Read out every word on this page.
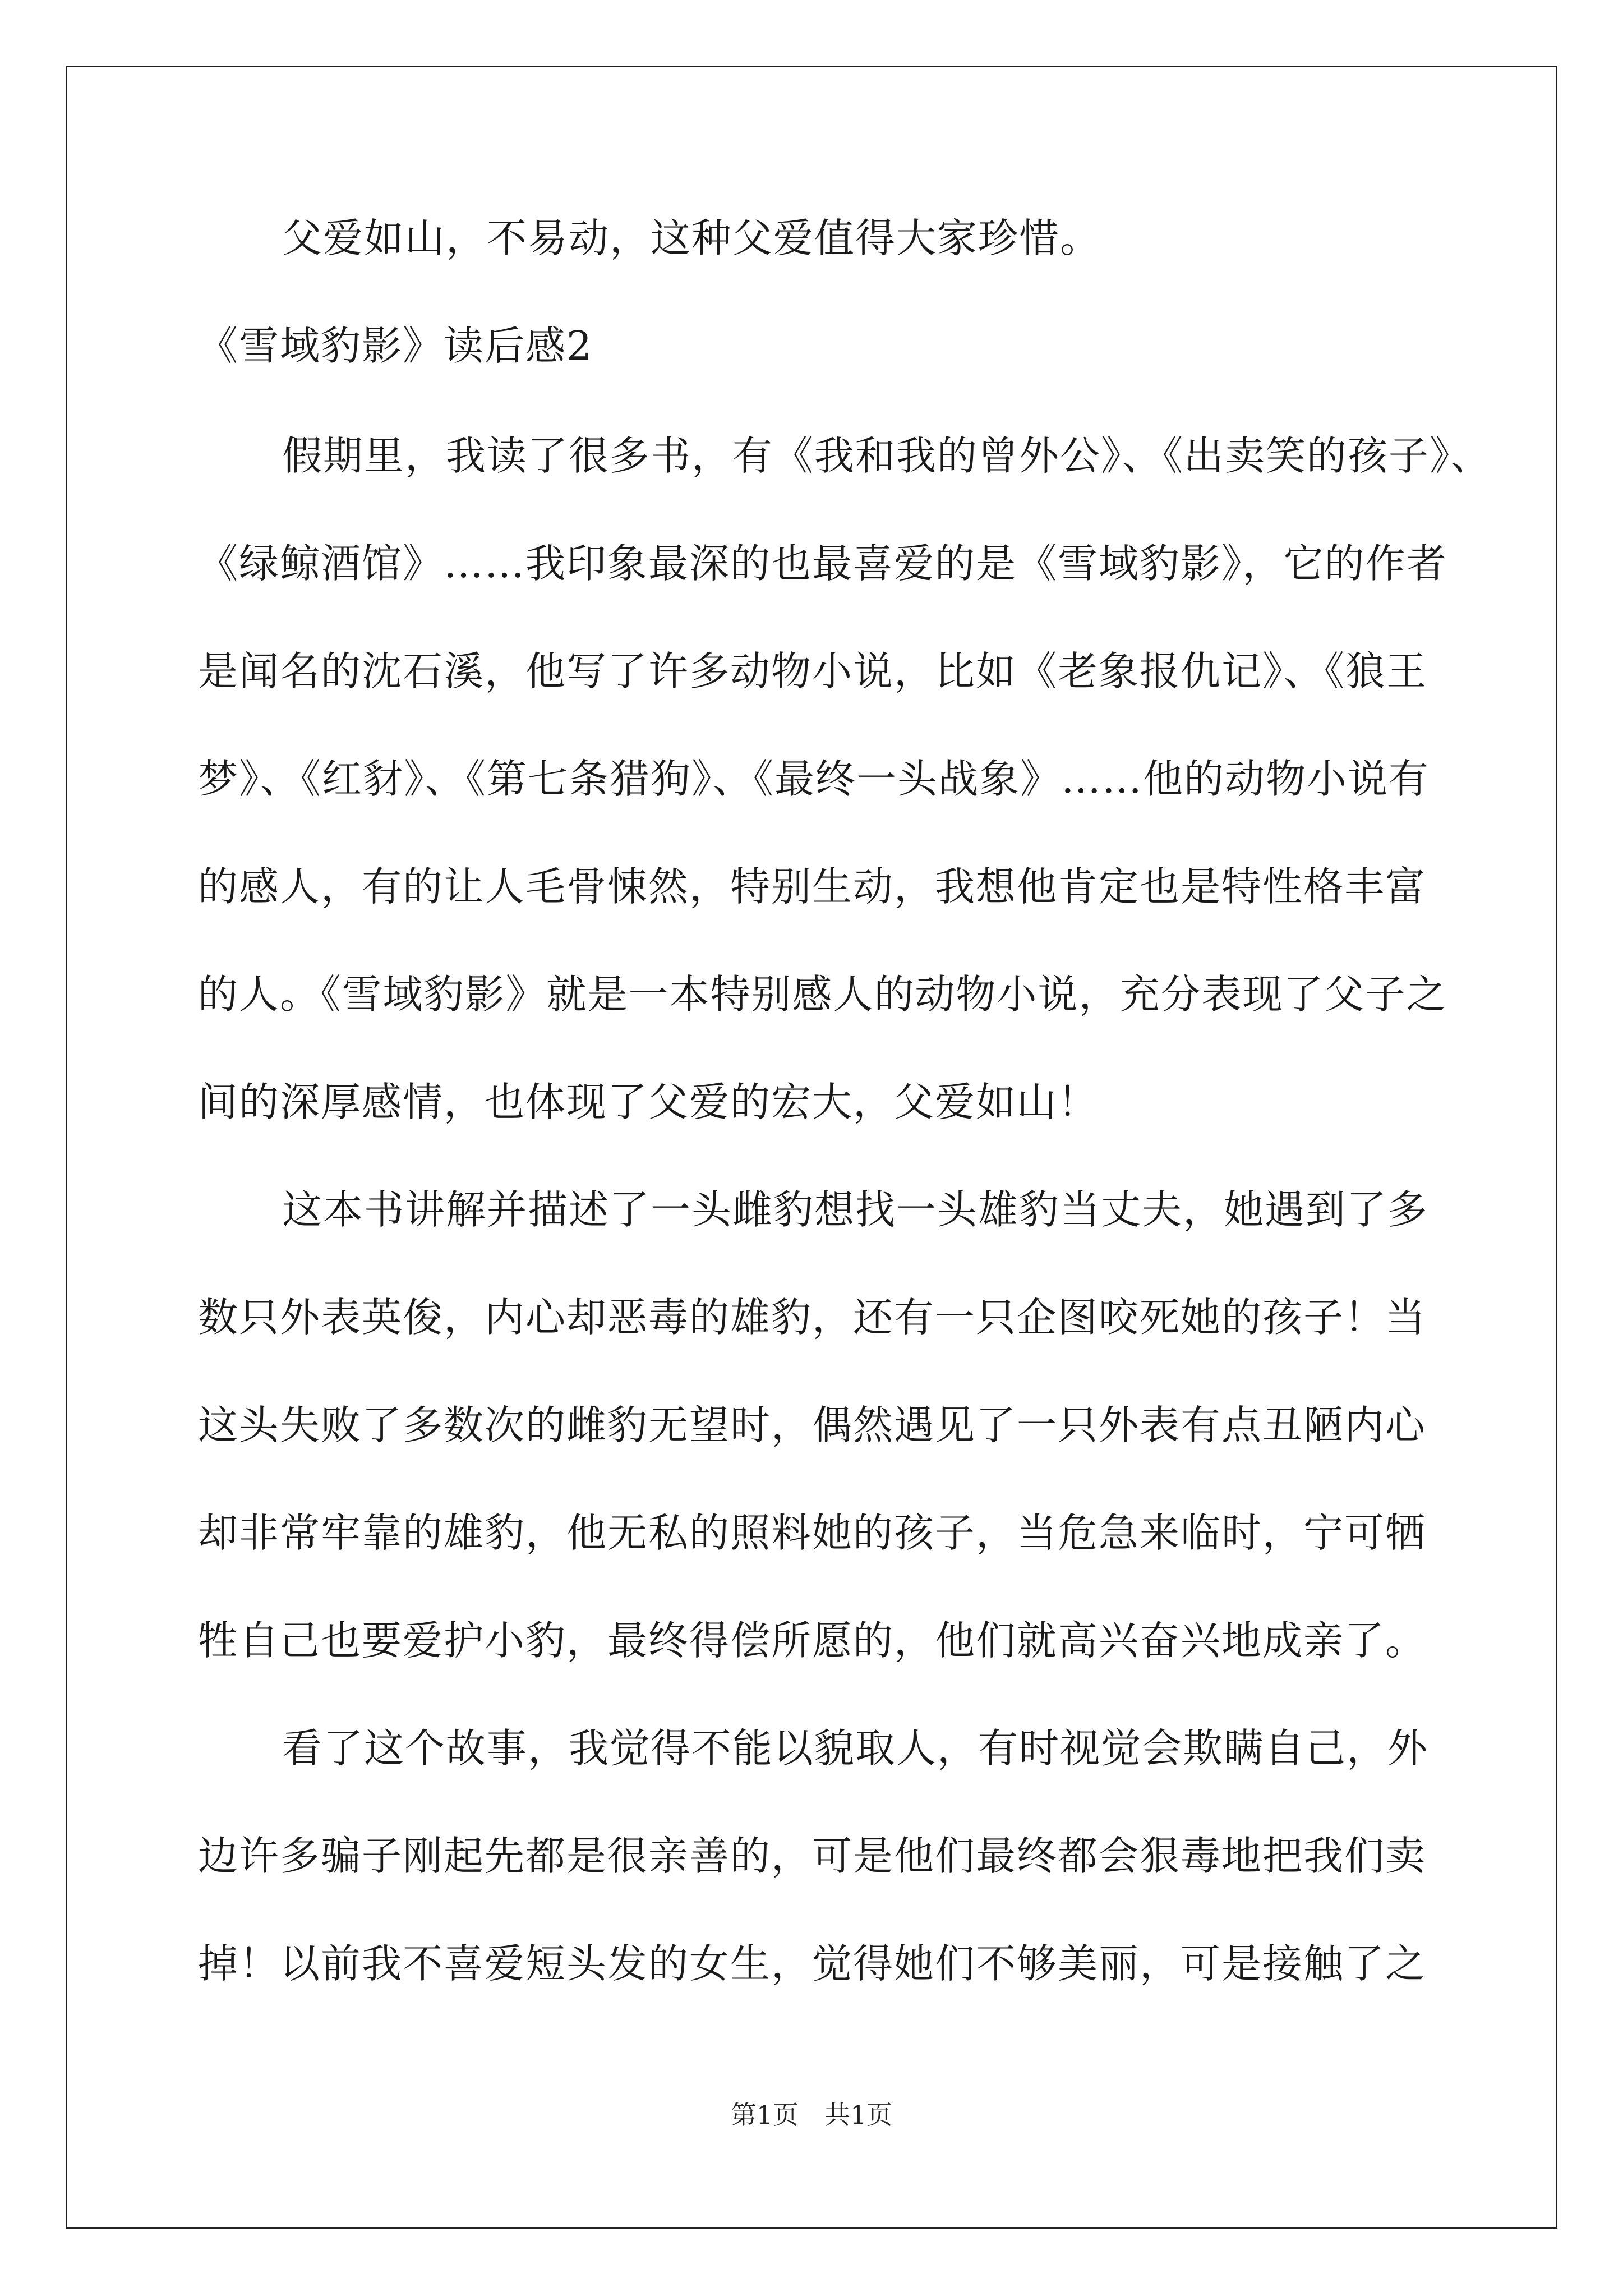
父爱如山，不易动，这种父爱值得大家珍惜。
《雪域豹影》读后感2
假期里，我读了很多书，有《我和我的曾外公》、《出卖笑的孩子》、
《绿鲸酒馆》……我印象最深的也最喜爱的是《雪域豹影》，它的作者
是闻名的沈石溪，他写了许多动物小说，比如《老象报仇记》、《狼王
梦》、《红豺》、《第七条猎狗》、《最终一头战象》……他的动物小说有
的感人，有的让人毛骨悚然，特别生动，我想他肯定也是特性格丰富
的人。《雪域豹影》就是一本特别感人的动物小说，充分表现了父子之
间的深厚感情，也体现了父爱的宏大，父爱如山！
这本书讲解并描述了一头雌豹想找一头雄豹当丈夫，她遇到了多
数只外表英俊，内心却恶毒的雄豹，还有一只企图咬死她的孩子！当
这头失败了多数次的雌豹无望时，偶然遇见了一只外表有点丑陋内心
却非常牢靠的雄豹，他无私的照料她的孩子，当危急来临时，宁可牺
牲自己也要爱护小豹，最终得偿所愿的，他们就高兴奋兴地成亲了。
看了这个故事，我觉得不能以貌取人，有时视觉会欺瞒自己，外
边许多骗子刚起先都是很亲善的，可是他们最终都会狠毒地把我们卖
掉！以前我不喜爱短头发的女生，觉得她们不够美丽，可是接触了之
第1页　共1页
